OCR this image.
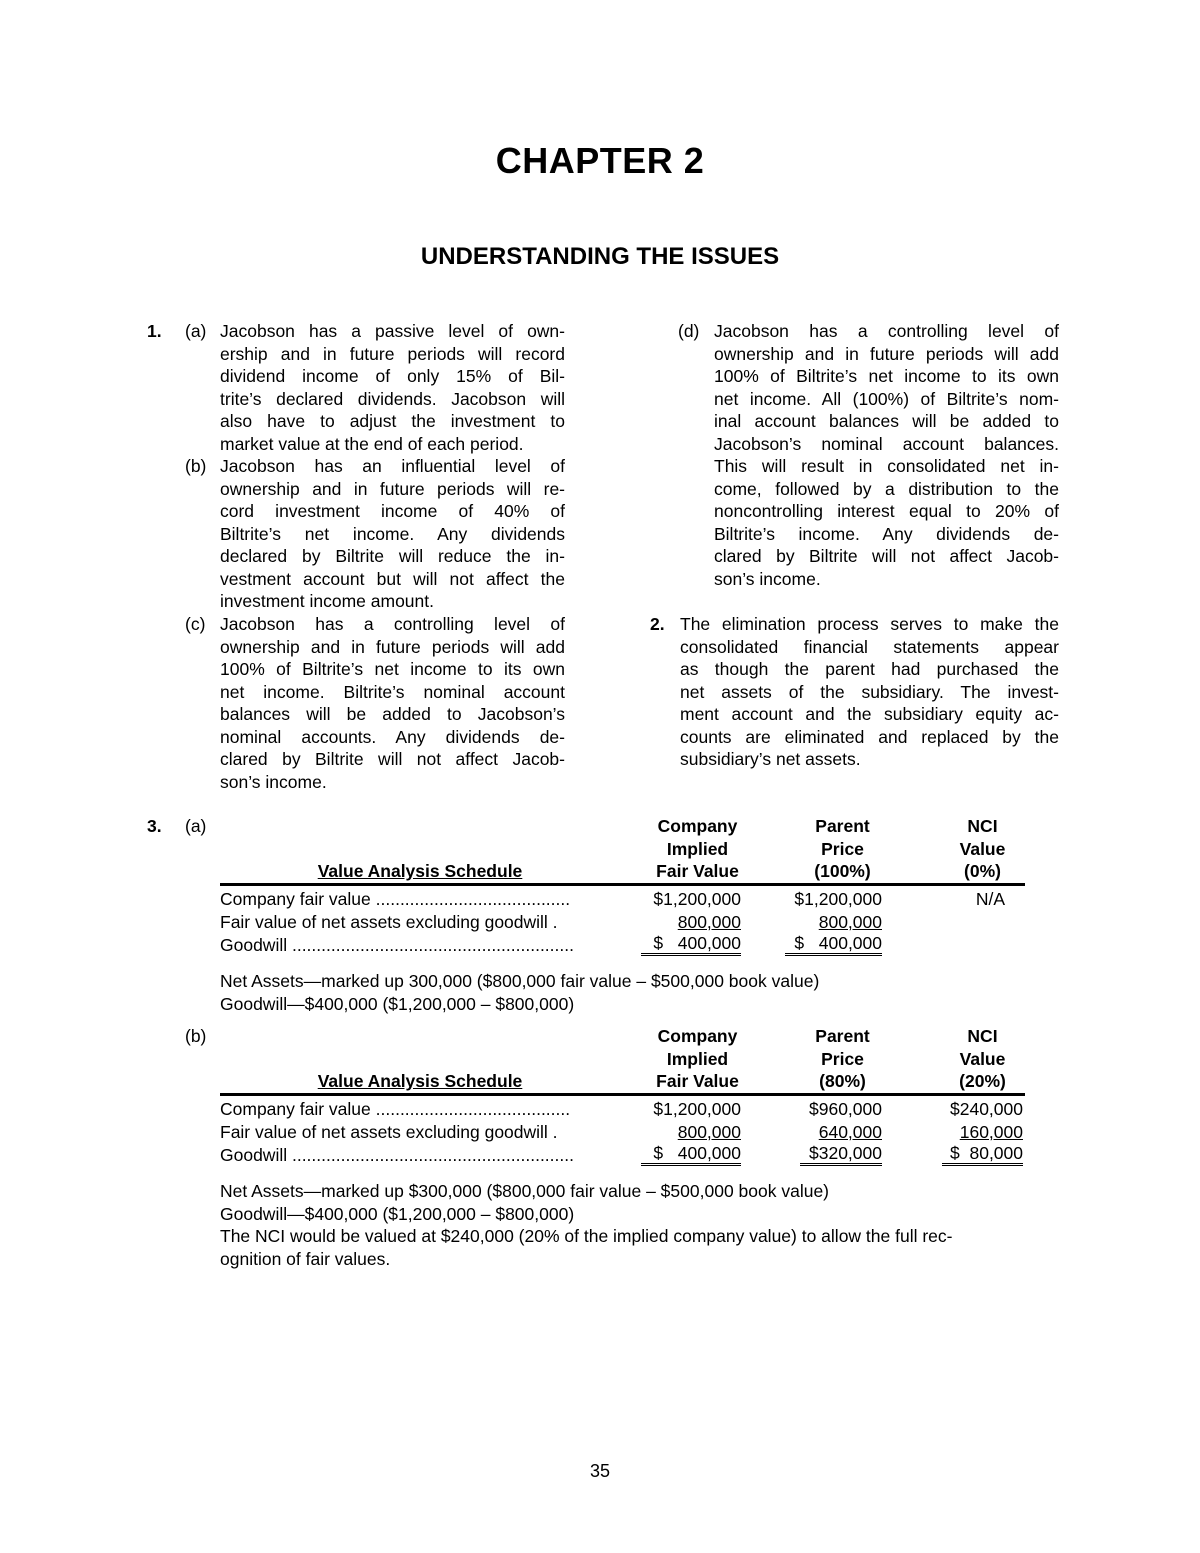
CHAPTER 2
UNDERSTANDING THE ISSUES
1. (a) Jacobson has a passive level of own-
ership and in future periods will record
dividend income of only 15% of Bil-
trite’s declared dividends. Jacobson will
also have to adjust the investment to
market value at the end of each period.
(b) Jacobson has an influential level of
ownership and in future periods will re-
cord investment income of 40% of
Biltrite’s net income. Any dividends
declared by Biltrite will reduce the in-
vestment account but will not affect the
investment income amount.
(c) Jacobson has a controlling level of
ownership and in future periods will add
100% of Biltrite’s net income to its own
net income. Biltrite’s nominal account
balances will be added to Jacobson’s
nominal accounts. Any dividends de-
clared by Biltrite will not affect Jacob-
son’s income.
(d) Jacobson has a controlling level of
ownership and in future periods will add
100% of Biltrite’s net income to its own
net income. All (100%) of Biltrite’s nom-
inal account balances will be added to
Jacobson’s nominal account balances.
This will result in consolidated net in-
come, followed by a distribution to the
noncontrolling interest equal to 20% of
Biltrite’s income. Any dividends de-
clared by Biltrite will not affect Jacob-
son’s income.
2. The elimination process serves to make the
consolidated financial statements appear
as though the parent had purchased the
net assets of the subsidiary. The invest-
ment account and the subsidiary equity ac-
counts are eliminated and replaced by the
subsidiary’s net assets.
3. (a)
Value Analysis Schedule
Company
Implied
Fair Value
Parent
Price
(100%)
NCI
Value
(0%)
Company fair value ........................................	$1,200,000	$1,200,000	N/A
Fair value of net assets excluding goodwill .	800,000	800,000
Goodwill ..........................................................	$   400,000	$   400,000
Net Assets—marked up 300,000 ($800,000 fair value – $500,000 book value)
Goodwill—$400,000 ($1,200,000 – $800,000)
(b)
Value Analysis Schedule
Company
Implied
Fair Value
Parent
Price
(80%)
NCI
Value
(20%)
Company fair value ........................................	$1,200,000	$960,000	$240,000
Fair value of net assets excluding goodwill .	800,000	640,000	160,000
Goodwill ..........................................................	$   400,000	$320,000	$  80,000
Net Assets—marked up $300,000 ($800,000 fair value – $500,000 book value)
Goodwill—$400,000 ($1,200,000 – $800,000)
The NCI would be valued at $240,000 (20% of the implied company value) to allow the full rec-
ognition of fair values.
35
